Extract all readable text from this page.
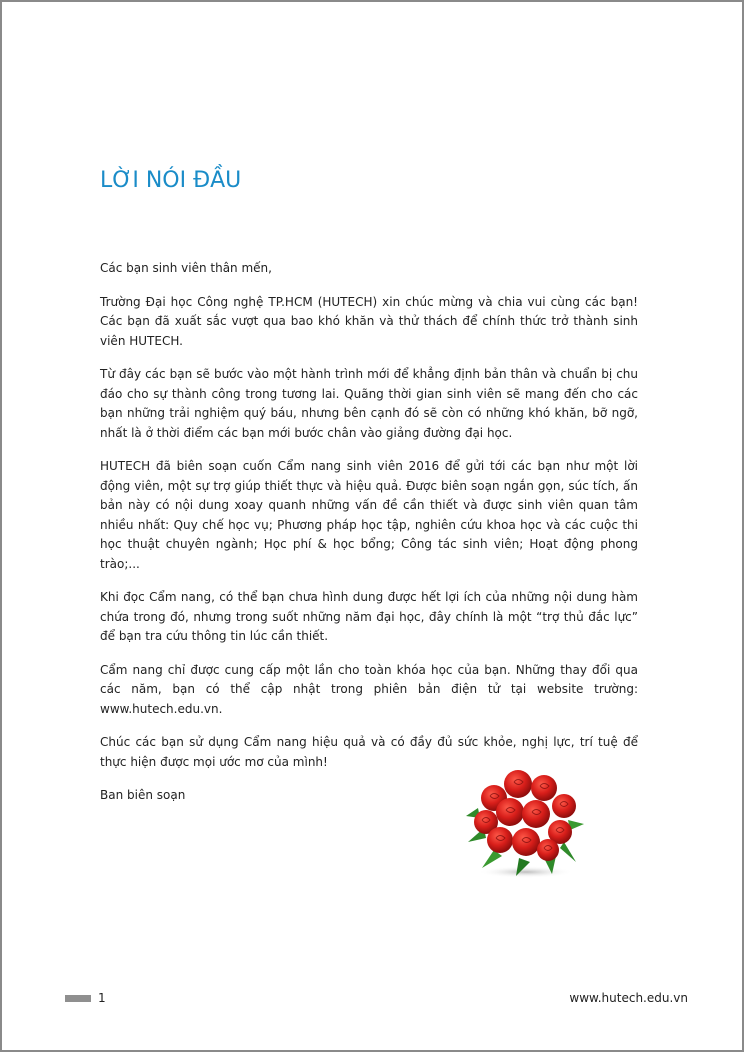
LỜI NÓI ĐẦU

Các bạn sinh viên thân mến,

Trường Đại học Công nghệ TP.HCM (HUTECH) xin chúc mừng và chia vui cùng các bạn! Các bạn đã xuất sắc vượt qua bao khó khăn và thử thách để chính thức trở thành sinh viên HUTECH.

Từ đây các bạn sẽ bước vào một hành trình mới để khẳng định bản thân và chuẩn bị chu đáo cho sự thành công trong tương lai. Quãng thời gian sinh viên sẽ mang đến cho các bạn những trải nghiệm quý báu, nhưng bên cạnh đó sẽ còn có những khó khăn, bỡ ngỡ, nhất là ở thời điểm các bạn mới bước chân vào giảng đường đại học.

HUTECH đã biên soạn cuốn Cẩm nang sinh viên 2016 để gửi tới các bạn như một lời động viên, một sự trợ giúp thiết thực và hiệu quả. Được biên soạn ngắn gọn, súc tích, ấn bản này có nội dung xoay quanh những vấn đề cần thiết và được sinh viên quan tâm nhiều nhất: Quy chế học vụ; Phương pháp học tập, nghiên cứu khoa học và các cuộc thi học thuật chuyên ngành; Học phí & học bổng; Công tác sinh viên; Hoạt động phong trào;...

Khi đọc Cẩm nang, có thể bạn chưa hình dung được hết lợi ích của những nội dung hàm chứa trong đó, nhưng trong suốt những năm đại học, đây chính là một “trợ thủ đắc lực” để bạn tra cứu thông tin lúc cần thiết.

Cẩm nang chỉ được cung cấp một lần cho toàn khóa học của bạn. Những thay đổi qua các năm, bạn có thể cập nhật trong phiên bản điện tử tại website trường: www.hutech.edu.vn.

Chúc các bạn sử dụng Cẩm nang hiệu quả và có đầy đủ sức khỏe, nghị lực, trí tuệ để thực hiện được mọi ước mơ của mình!

Ban biên soạn

1	www.hutech.edu.vn
